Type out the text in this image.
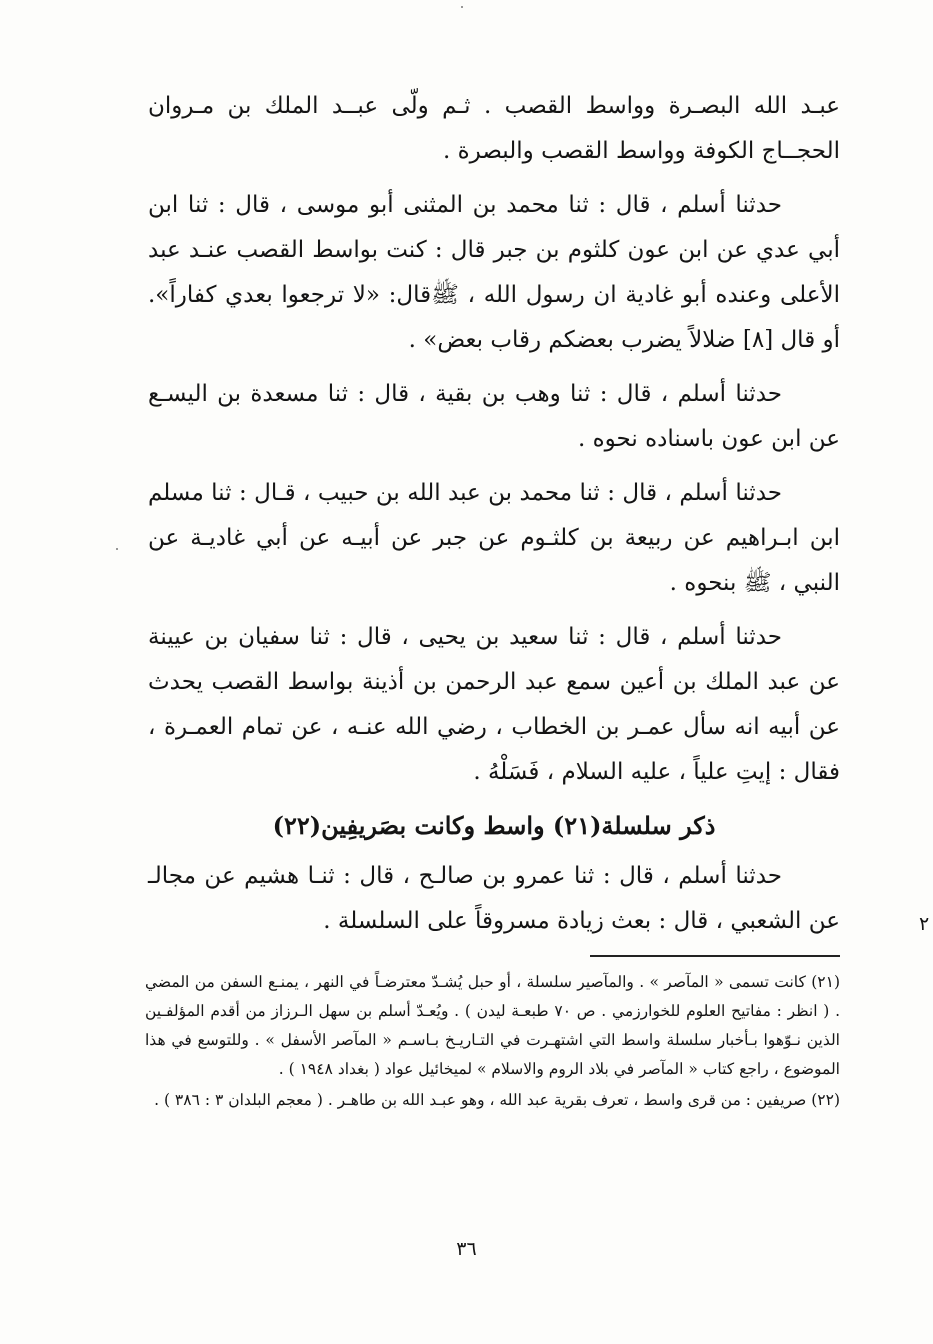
عبـد الله البصـرة وواسط القصب . ثـم ولّى عبــد الملك بن مـروان الحجــاج الكوفة وواسط القصب والبصرة .

حدثنا أسلم ، قال : ثنا محمد بن المثنى أبو موسى ، قال : ثنا ابن أبي عدي عن ابن عون كلثوم بن جبر قال : كنت بواسط القصب عنـد عبد الأعلى وعنده أبو غادية ان رسول الله ، ﷺقال: «لا ترجعوا بعدي كفاراً». أو قال [٨] ضلالاً يضرب بعضكم رقاب بعض» .

حدثنا أسلم ، قال : ثنا وهب بن بقية ، قال : ثنا مسعدة بن اليسـع عن ابن عون باسناده نحوه .

حدثنا أسلم ، قال : ثنا محمد بن عبد الله بن حبيب ، قـال : ثنا مسلم ابن ابـراهيم عن ربيعة بن كلثـوم عن جبر عن أبيـه عن أبي غاديـة عن النبي ، ﷺ بنحوه .

حدثنا أسلم ، قال : ثنا سعيد بن يحيى ، قال : ثنا سفيان بن عيينة عن عبد الملك بن أعين سمع عبد الرحمن بن أذينة بواسط القصب يحدث عن أبيه انه سأل عمـر بن الخطاب ، رضي الله عنـه ، عن تمام العمـرة ، فقال : إيتِ علياً ، عليه السلام ، فَسَلْهُ .

ذكر سلسلة(٢١) واسط وكانت بصَريفِين(٢٢)

حدثنا أسلم ، قال : ثنا عمرو بن صالـح ، قال : ثنـا هشيم عن مجالـ عن الشعبي ، قال : بعث زيادة مسروقاً على السلسلة .

(٢١) كانت تسمى « المآصر » . والمآصير سلسلة ، أو حبل يُشـدّ معترضـاً في النهر ، يمنـع السفن من المضي . ( انظر : مفاتيح العلوم للخوارزمي . ص ٧٠ طبعـة ليدن ) . ويُعـدّ أسلم بن سهل الـرزاز من أقدم المؤلفـين الذين نـوّهوا بـأخبار سلسلة واسط التي اشتهـرت في التـاريـخ بـاسـم « المآصر الأسفل » . وللتوسع في هذا الموضوع ، راجع كتاب « المآصر في بلاد الروم والاسلام » لميخائيل عواد ( بغداد ١٩٤٨ ) .

(٢٢) صريفين : من قرى واسط ، تعرف بقرية عبد الله ، وهو عبـد الله بن طاهـر . ( معجم البلدان ٣ : ٣٨٦ ) .

٣٦
٢
